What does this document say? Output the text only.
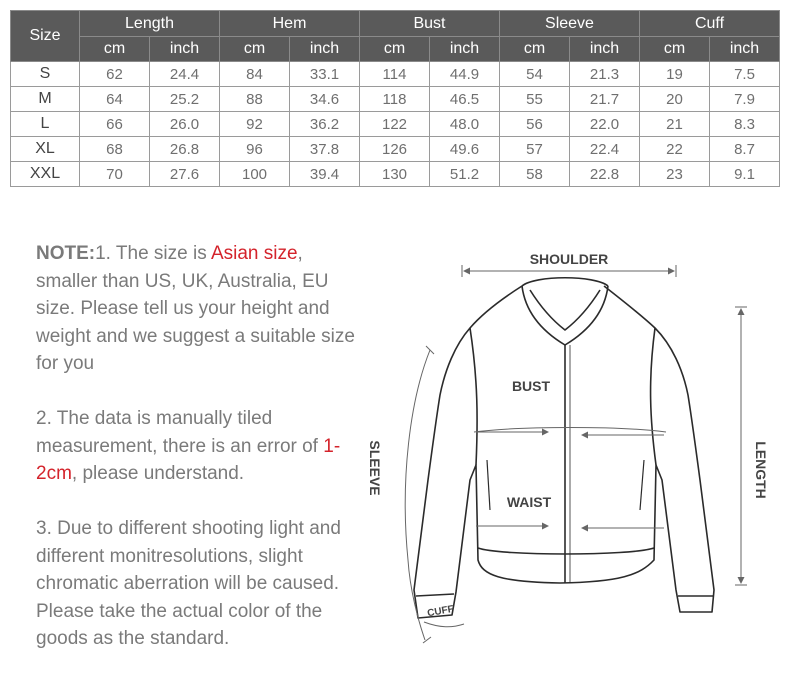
Size	Length		Hem		Bust		Sleeve		Cuff	
	cm	inch	cm	inch	cm	inch	cm	inch	cm	inch
S	62	24.4	84	33.1	114	44.9	54	21.3	19	7.5
M	64	25.2	88	34.6	118	46.5	55	21.7	20	7.9
L	66	26.0	92	36.2	122	48.0	56	22.0	21	8.3
XL	68	26.8	96	37.8	126	49.6	57	22.4	22	8.7
XXL	70	27.6	100	39.4	130	51.2	58	22.8	23	9.1

NOTE:1. The size is Asian size, smaller than US, UK, Australia, EU size. Please tell us your height and weight and we suggest a suitable size for you

2. The data is manually tiled measurement, there is an error of 1-2cm, please understand.

3. Due to different shooting light and different monitresolutions, slight chromatic aberration will be caused. Please take the actual color of the goods as the standard.

SHOULDER
BUST
WAIST
SLEEVE	LENGTH
CUFF
